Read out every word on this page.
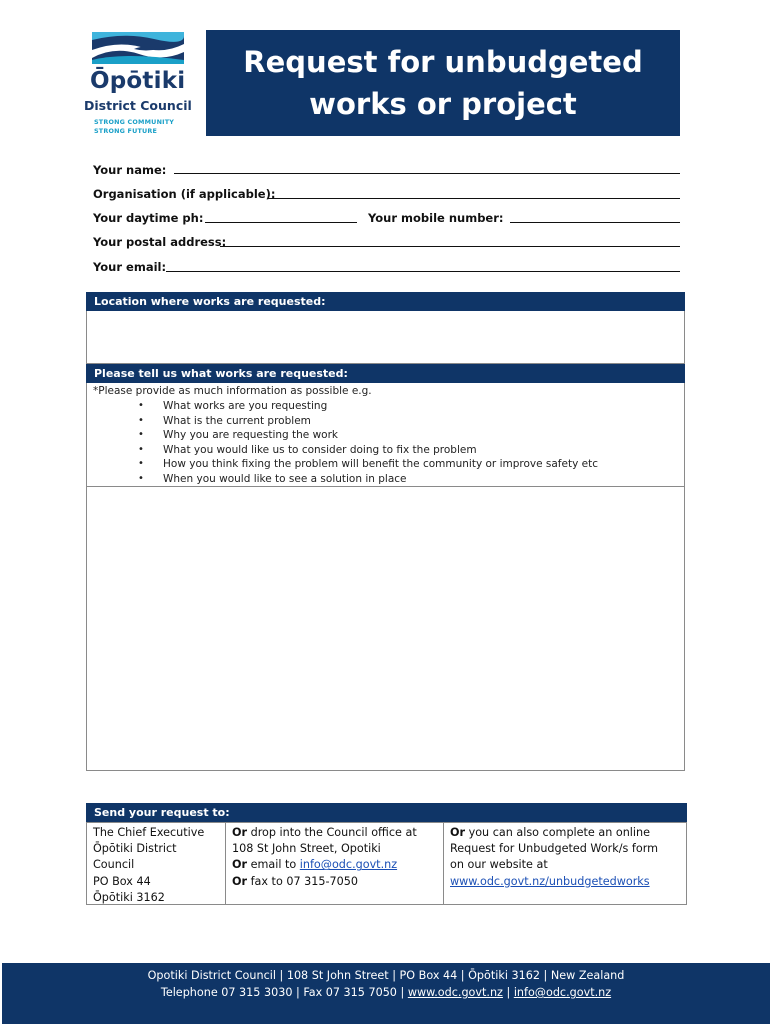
Ōpōtiki
District Council
STRONG COMMUNITY
STRONG FUTURE
Request for unbudgeted
works or project
Your name:
Organisation (if applicable):
Your daytime ph:	Your mobile number:
Your postal address:
Your email:
Location where works are requested:
Please tell us what works are requested:
*Please provide as much information as possible e.g.
• What works are you requesting
• What is the current problem
• Why you are requesting the work
• What you would like us to consider doing to fix the problem
• How you think fixing the problem will benefit the community or improve safety etc
• When you would like to see a solution in place
Send your request to:
The Chief Executive
Ōpōtiki District
Council
PO Box 44
Ōpōtiki 3162
Or drop into the Council office at
108 St John Street, Opotiki
Or email to info@odc.govt.nz
Or fax to 07 315-7050
Or you can also complete an online
Request for Unbudgeted Work/s form
on our website at
www.odc.govt.nz/unbudgetedworks
Opotiki District Council | 108 St John Street | PO Box 44 | Ōpōtiki 3162 | New Zealand
Telephone 07 315 3030 | Fax 07 315 7050 | www.odc.govt.nz | info@odc.govt.nz
